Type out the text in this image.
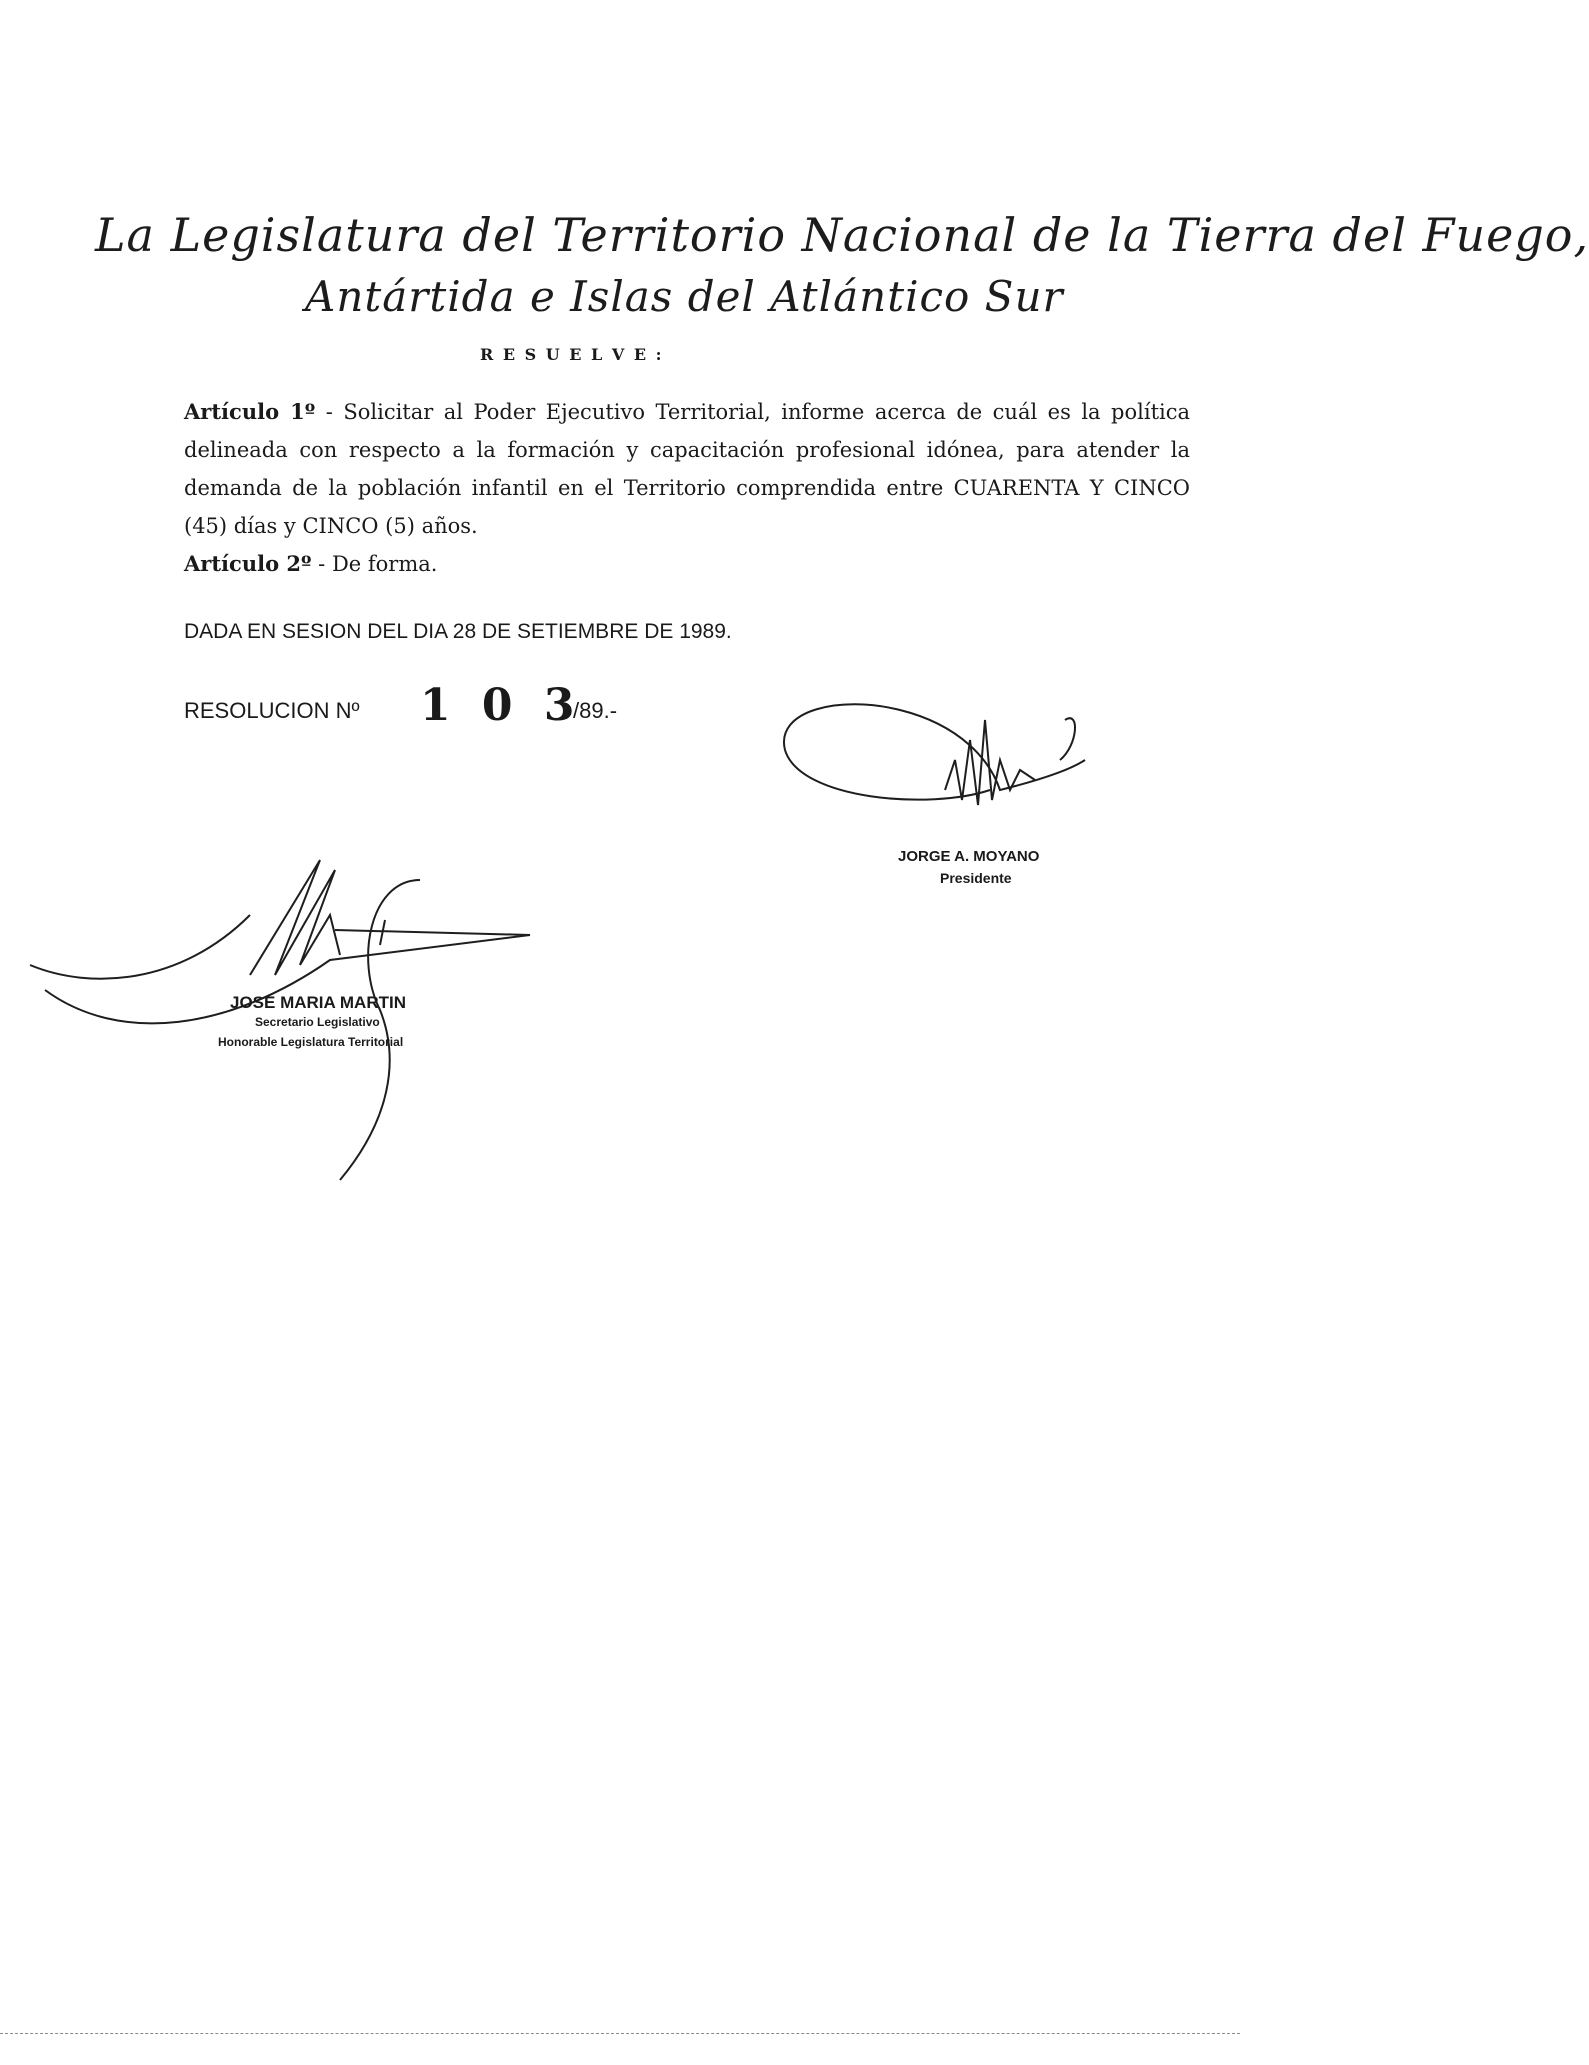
La Legislatura del Territorio Nacional de la Tierra del Fuego,
Antártida e Islas del Atlántico Sur
R E S U E L V E :
Artículo 1º - Solicitar al Poder Ejecutivo Territorial, informe acerca de cuál es la política delineada con respecto a la formación y capacitación profesional idónea, para atender la demanda de la población infantil en el Territorio comprendida entre CUARENTA Y CINCO (45) días y CINCO (5) años.
Artículo 2º - De forma.
DADA EN SESION DEL DIA 28 DE SETIEMBRE DE 1989.
RESOLUCION Nº 1 0 3
/89.-
JORGE A. MOYANO
Presidente
JOSE MARIA MARTIN
Secretario Legislativo
Honorable Legislatura Territorial
